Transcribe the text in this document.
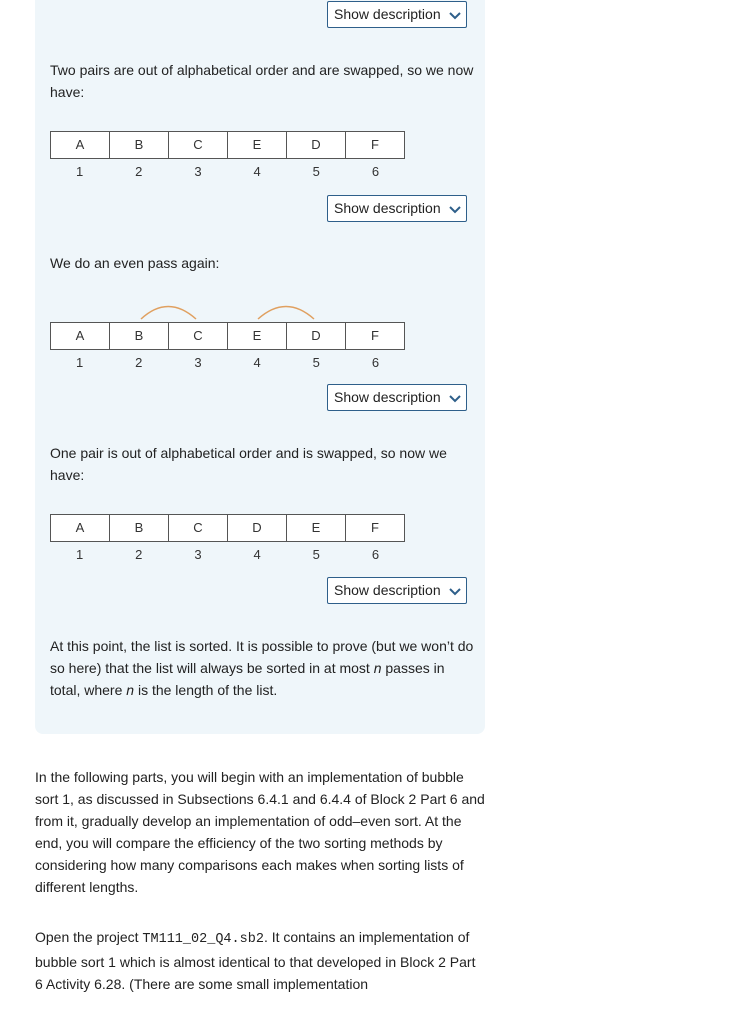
Show description

Two pairs are out of alphabetical order and are swapped, so we now have:

A	B	C	E	D	F
1	2	3	4	5	6
Show description

We do an even pass again:

A	B	C	E	D	F
1	2	3	4	5	6
Show description

One pair is out of alphabetical order and is swapped, so now we have:

A	B	C	D	E	F
1	2	3	4	5	6
Show description

At this point, the list is sorted. It is possible to prove (but we won’t do so here) that the list will always be sorted in at most n passes in total, where n is the length of the list.

In the following parts, you will begin with an implementation of bubble sort 1, as discussed in Subsections 6.4.1 and 6.4.4 of Block 2 Part 6 and from it, gradually develop an implementation of odd–even sort. At the end, you will compare the efficiency of the two sorting methods by considering how many comparisons each makes when sorting lists of different lengths.

Open the project TM111_02_Q4.sb2. It contains an implementation of bubble sort 1 which is almost identical to that developed in Block 2 Part 6 Activity 6.28. (There are some small implementation
